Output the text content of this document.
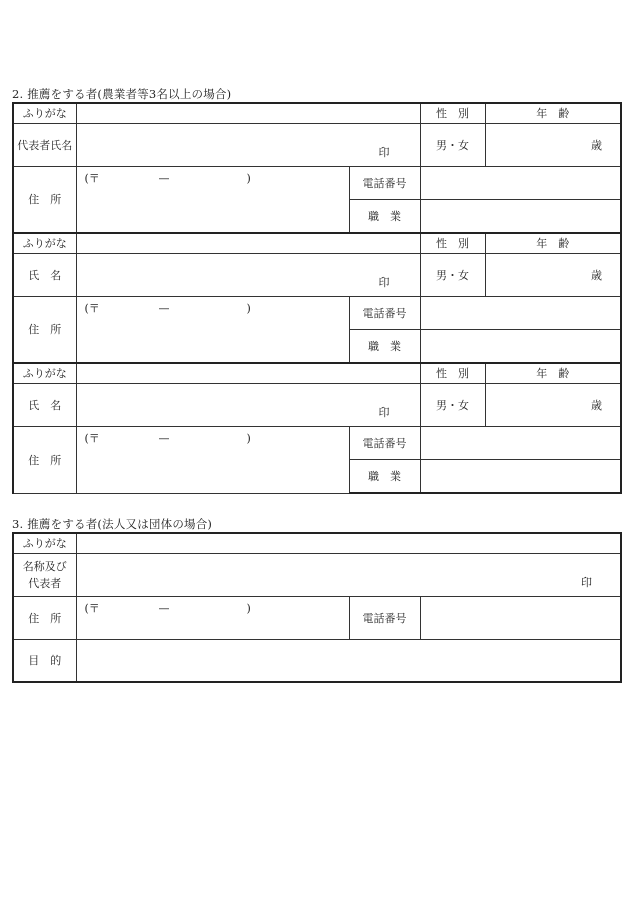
2. 推薦をする者(農業者等3名以上の場合)
ふりがな			性　別	年　齢
代表者氏名	印		男・女	歳
住　所	(〒 — )	電話番号		
		職　業		
ふりがな			性　別	年　齢
氏　名	印		男・女	歳
住　所	(〒 — )	電話番号		
		職　業		
ふりがな			性　別	年　齢
氏　名	印		男・女	歳
住　所	(〒 — )	電話番号		
		職　業		
3. 推薦をする者(法人又は団体の場合)
ふりがな			

名称及び
代表者	印		
住　所	(〒 — )	電話番号	
目　的			
